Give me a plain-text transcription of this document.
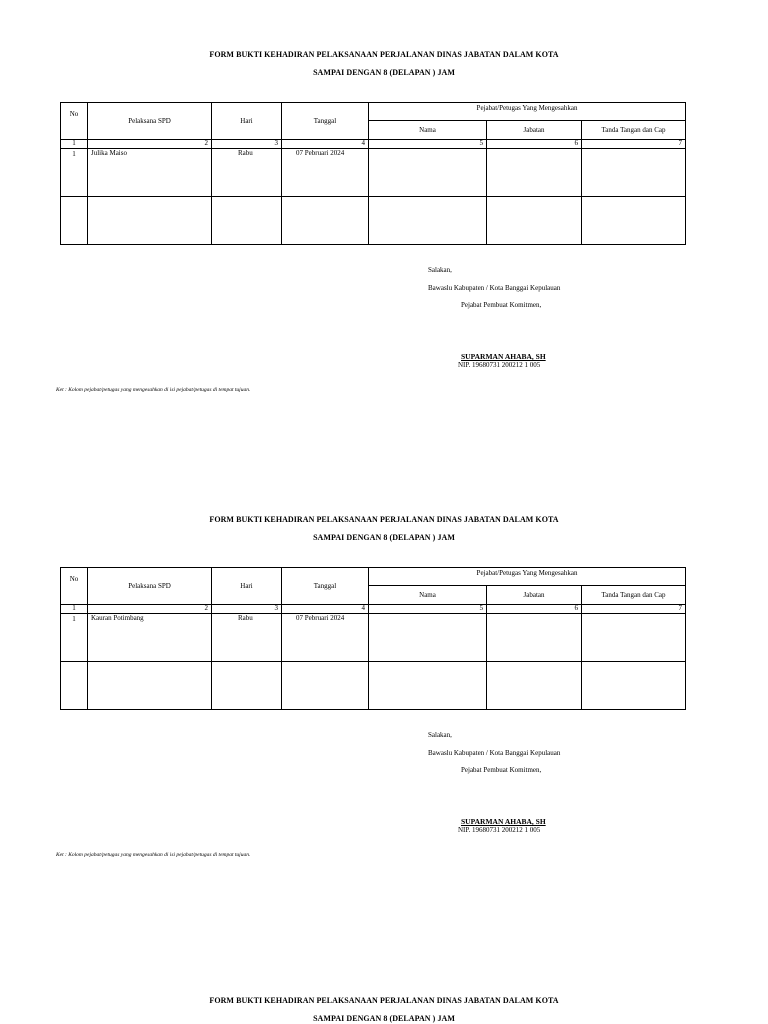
FORM BUKTI KEHADIRAN PELAKSANAAN PERJALANAN DINAS JABATAN DALAM KOTA
SAMPAI DENGAN 8 (DELAPAN ) JAM
No	Pelaksana SPD	Hari	Tanggal	Pejabat/Petugas Yang Mengesahkan		
				Nama	Jabatan	Tanda Tangan dan Cap
1	2	3	4	5	6	7
1	Julika Maiso	Rabu	07 Pebruari 2024			

Salakan,
Bawaslu Kabupaten / Kota Banggai Kepulauan
Pejabat Pembuat Komitmen,
SUPARMAN AHABA, SH
NIP. 19680731 200212 1 005
Ket : Kolom pejabat/petugas yang mengesahkan di isi pejabat/petugas di tempat tujuan.
FORM BUKTI KEHADIRAN PELAKSANAAN PERJALANAN DINAS JABATAN DALAM KOTA
SAMPAI DENGAN 8 (DELAPAN ) JAM
No	Pelaksana SPD	Hari	Tanggal	Pejabat/Petugas Yang Mengesahkan		
				Nama	Jabatan	Tanda Tangan dan Cap
1	2	3	4	5	6	7
1	Kauran Potimbang	Rabu	07 Pebruari 2024			

Salakan,
Bawaslu Kabupaten / Kota Banggai Kepulauan
Pejabat Pembuat Komitmen,
SUPARMAN AHABA, SH
NIP. 19680731 200212 1 005
Ket : Kolom pejabat/petugas yang mengesahkan di isi pejabat/petugas di tempat tujuan.
FORM BUKTI KEHADIRAN PELAKSANAAN PERJALANAN DINAS JABATAN DALAM KOTA
SAMPAI DENGAN 8 (DELAPAN ) JAM
